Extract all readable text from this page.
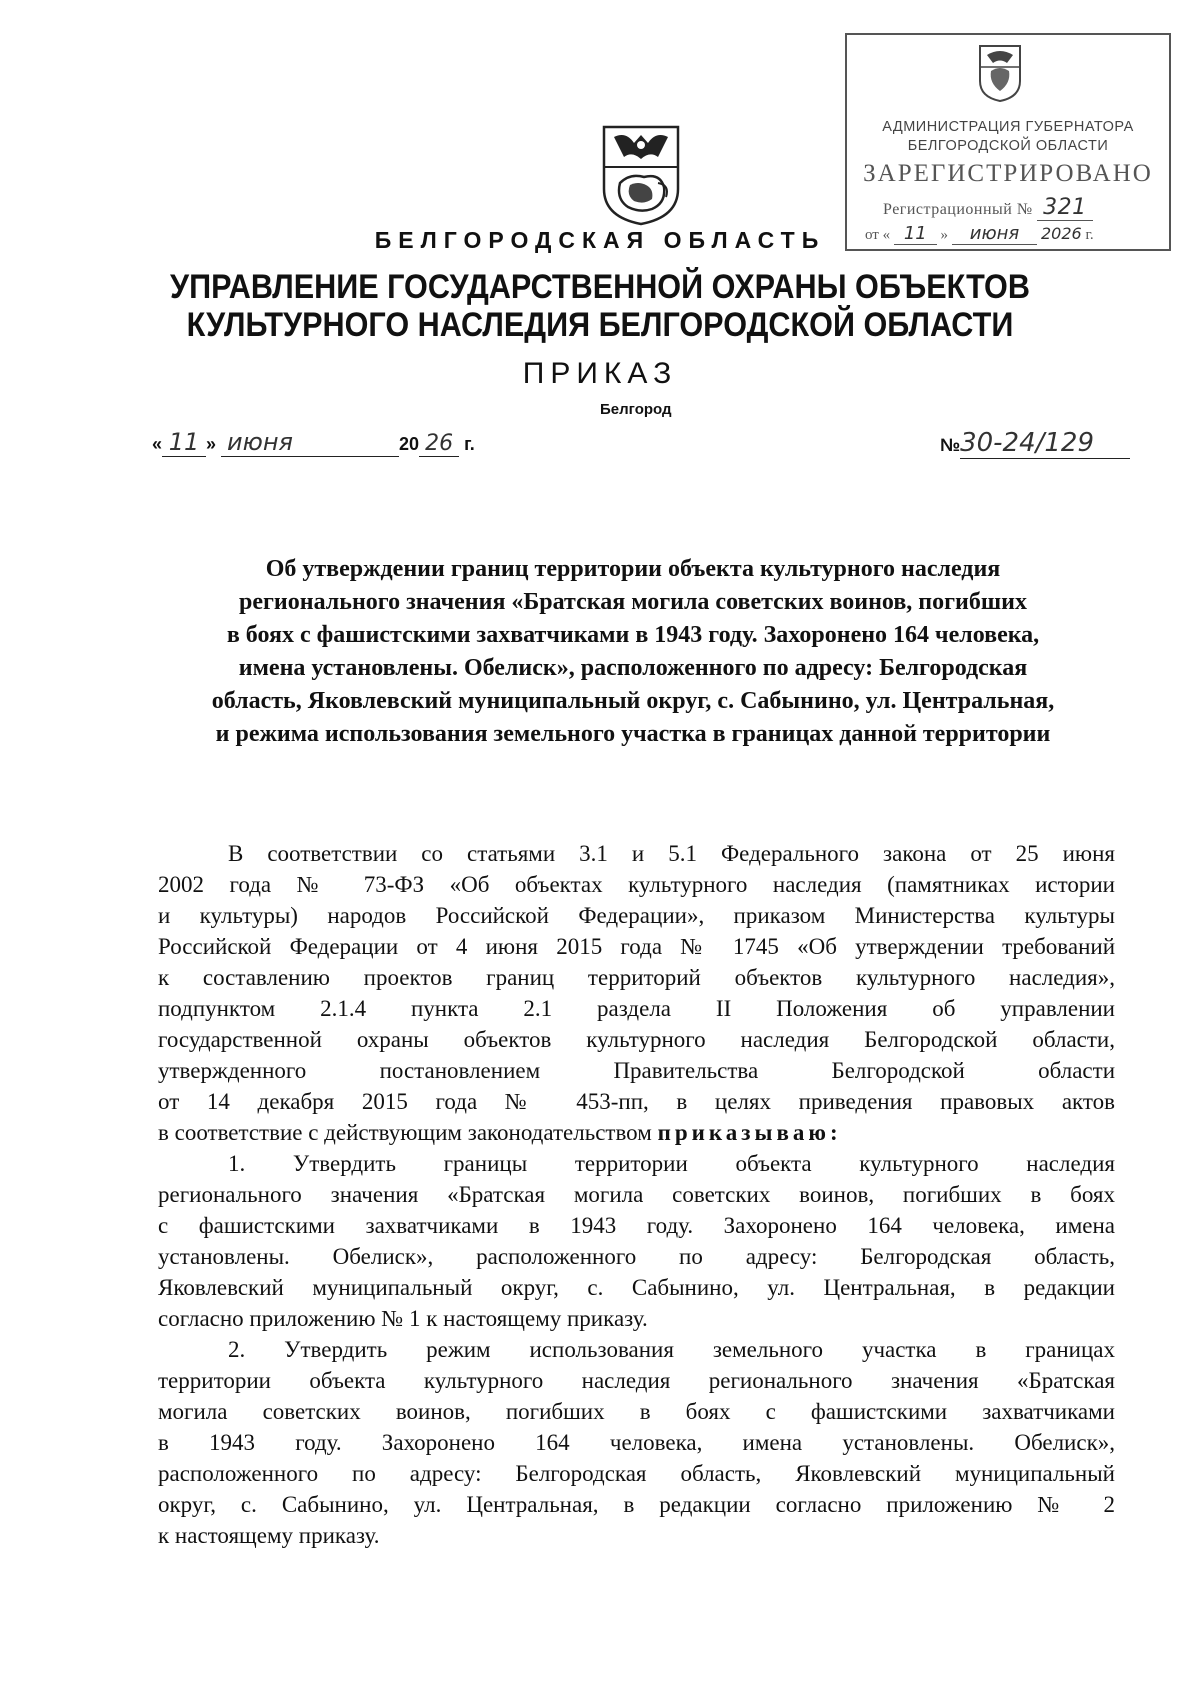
АДМИНИСТРАЦИЯ ГУБЕРНАТОРА
БЕЛГОРОДСКОЙ ОБЛАСТИ
ЗАРЕГИСТРИРОВАНО
Регистрационный № 321
от « 11 » июня 2026 г.
БЕЛГОРОДСКАЯ ОБЛАСТЬ
УПРАВЛЕНИЕ ГОСУДАРСТВЕННОЙ ОХРАНЫ ОБЪЕКТОВ
КУЛЬТУРНОГО НАСЛЕДИЯ БЕЛГОРОДСКОЙ ОБЛАСТИ
ПРИКАЗ
Белгород
« 11 » июня	20 26 г.	№30-24/129
Об утверждении границ территории объекта культурного наследия
регионального значения «Братская могила советских воинов, погибших
в боях с фашистскими захватчиками в 1943 году. Захоронено 164 человека,
имена установлены. Обелиск», расположенного по адресу: Белгородская
область, Яковлевский муниципальный округ, с. Сабынино, ул. Центральная,
и режима использования земельного участка в границах данной территории
В соответствии со статьями 3.1 и 5.1 Федерального закона от 25 июня
2002 года № 73-ФЗ «Об объектах культурного наследия (памятниках истории
и культуры) народов Российской Федерации», приказом Министерства культуры
Российской Федерации от 4 июня 2015 года № 1745 «Об утверждении требований
к составлению проектов границ территорий объектов культурного наследия»,
подпунктом 2.1.4 пункта 2.1 раздела II Положения об управлении
государственной охраны объектов культурного наследия Белгородской области,
утвержденного постановлением Правительства Белгородской области
от 14 декабря 2015 года № 453-пп, в целях приведения правовых актов
в соответствие с действующим законодательством приказываю:
1. Утвердить границы территории объекта культурного наследия
регионального значения «Братская могила советских воинов, погибших в боях
с фашистскими захватчиками в 1943 году. Захоронено 164 человека, имена
установлены. Обелиск», расположенного по адресу: Белгородская область,
Яковлевский муниципальный округ, с. Сабынино, ул. Центральная, в редакции
согласно приложению № 1 к настоящему приказу.
2. Утвердить режим использования земельного участка в границах
территории объекта культурного наследия регионального значения «Братская
могила советских воинов, погибших в боях с фашистскими захватчиками
в 1943 году. Захоронено 164 человека, имена установлены. Обелиск»,
расположенного по адресу: Белгородская область, Яковлевский муниципальный
округ, с. Сабынино, ул. Центральная, в редакции согласно приложению № 2
к настоящему приказу.
